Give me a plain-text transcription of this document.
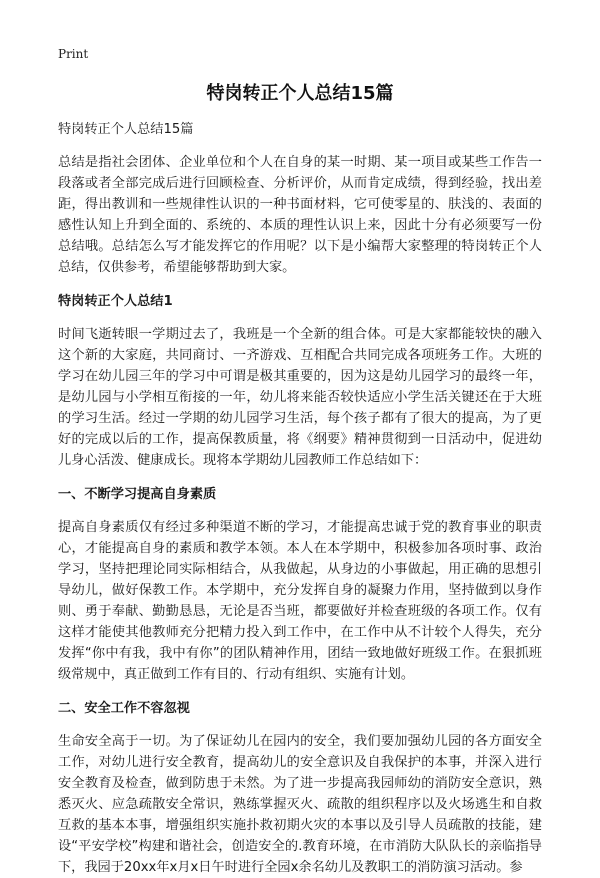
Print
特岗转正个人总结15篇
特岗转正个人总结15篇

总结是指社会团体、企业单位和个人在自身的某一时期、某一项目或某些工作告一段落或者全部完成后进行回顾检查、分析评价，从而肯定成绩，得到经验，找出差距，得出教训和一些规律性认识的一种书面材料，它可使零星的、肤浅的、表面的感性认知上升到全面的、系统的、本质的理性认识上来，因此十分有必须要写一份总结哦。总结怎么写才能发挥它的作用呢？以下是小编帮大家整理的特岗转正个人总结，仅供参考，希望能够帮助到大家。

特岗转正个人总结1

时间飞逝转眼一学期过去了，我班是一个全新的组合体。可是大家都能较快的融入这个新的大家庭，共同商讨、一齐游戏、互相配合共同完成各项班务工作。大班的学习在幼儿园三年的学习中可谓是极其重要的，因为这是幼儿园学习的最终一年，是幼儿园与小学相互衔接的一年，幼儿将来能否较快适应小学生活关键还在于大班的学习生活。经过一学期的幼儿园学习生活，每个孩子都有了很大的提高，为了更好的完成以后的工作，提高保教质量，将《纲要》精神贯彻到一日活动中，促进幼儿身心活泼、健康成长。现将本学期幼儿园教师工作总结如下：

一、不断学习提高自身素质

提高自身素质仅有经过多种渠道不断的学习，才能提高忠诚于党的教育事业的职责心，才能提高自身的素质和教学本领。本人在本学期中，积极参加各项时事、政治学习，坚持把理论同实际相结合，从我做起，从身边的小事做起，用正确的思想引导幼儿，做好保教工作。本学期中，充分发挥自身的凝聚力作用，坚持做到以身作则、勇于奉献、勤勤恳恳，无论是否当班，都要做好并检查班级的各项工作。仅有这样才能使其他教师充分把精力投入到工作中，在工作中从不计较个人得失，充分发挥“你中有我，我中有你”的团队精神作用，团结一致地做好班级工作。在狠抓班级常规中，真正做到工作有目的、行动有组织、实施有计划。

二、安全工作不容忽视

生命安全高于一切。为了保证幼儿在园内的安全，我们要加强幼儿园的各方面安全工作，对幼儿进行安全教育，提高幼儿的安全意识及自我保护的本事，并深入进行安全教育及检查，做到防患于未然。为了进一步提高我园师幼的消防安全意识，熟悉灭火、应急疏散安全常识，熟练掌握灭火、疏散的组织程序以及火场逃生和自救互救的基本本事，增强组织实施扑救初期火灾的本事以及引导人员疏散的技能，建设“平安学校”构建和谐社会，创造安全的.教育环境，在市消防大队队长的亲临指导下，我园于20xx年x月x日午时进行全园x余名幼儿及教职工的消防演习活动。参
